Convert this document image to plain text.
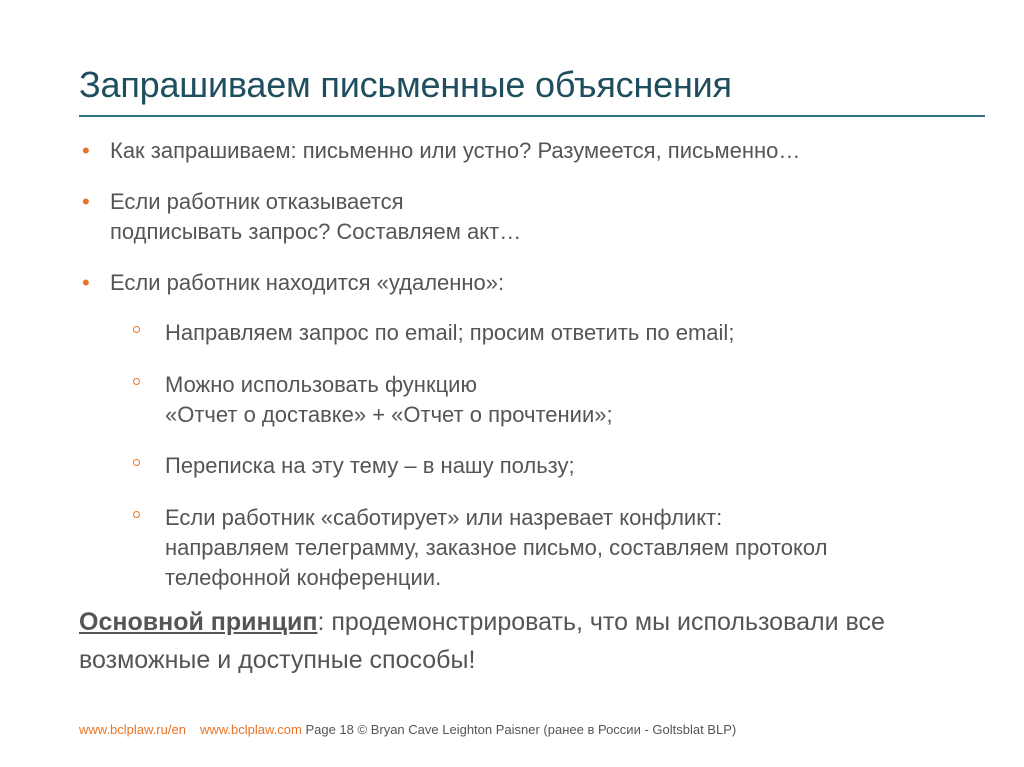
Запрашиваем письменные объяснения
• Как запрашиваем: письменно или устно? Разумеется, письменно…
• Если работник отказывается
подписывать запрос? Составляем акт…
• Если работник находится «удаленно»:
Направляем запрос по email; просим ответить по email;
Можно использовать функцию
«Отчет о доставке» + «Отчет о прочтении»;
Переписка на эту тему – в нашу пользу;
Если работник «саботирует» или назревает конфликт:
направляем телеграмму, заказное письмо, составляем протокол
телефонной конференции.
Основной принцип: продемонстрировать, что мы использовали все возможные и доступные способы!
www.bclplaw.ru/en www.bclplaw.com Page 18 © Bryan Cave Leighton Paisner (ранее в России - Goltsblat BLP)
